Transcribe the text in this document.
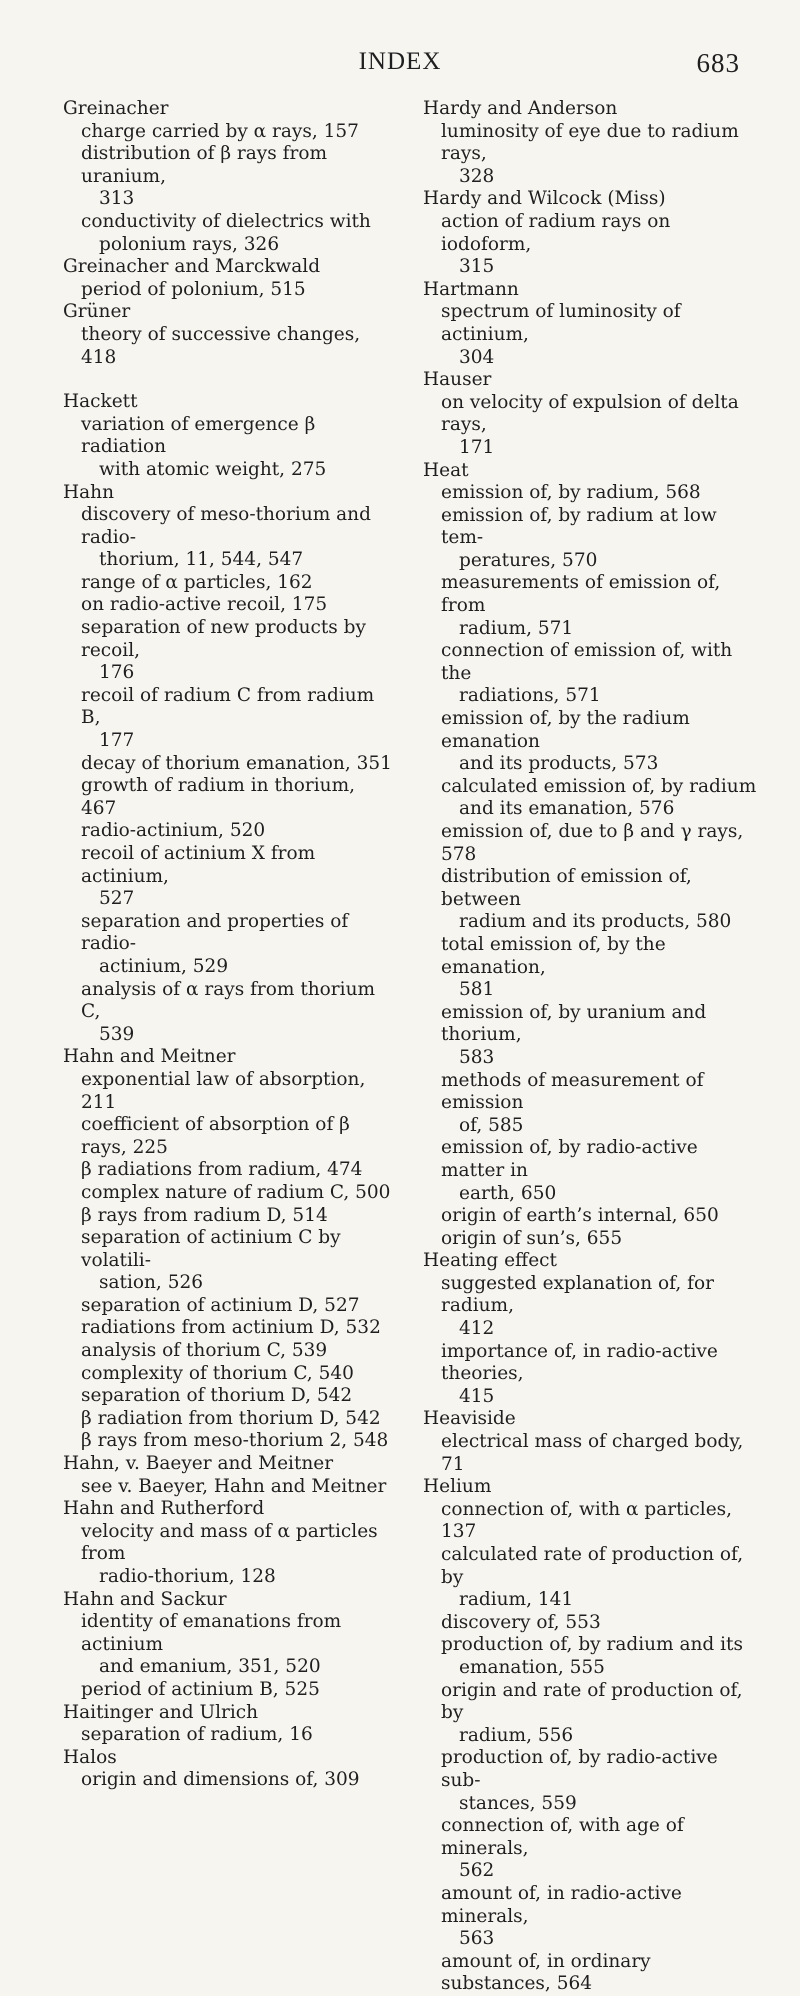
INDEX	683
Greinacher
charge carried by α rays, 157
distribution of β rays from uranium,
313
conductivity of dielectrics with
polonium rays, 326
Greinacher and Marckwald
period of polonium, 515
Grüner
theory of successive changes, 418
Hackett
variation of emergence β radiation
with atomic weight, 275
Hahn
discovery of meso-thorium and radio-
thorium, 11, 544, 547
range of α particles, 162
on radio-active recoil, 175
separation of new products by recoil,
176
recoil of radium C from radium B,
177
decay of thorium emanation, 351
growth of radium in thorium, 467
radio-actinium, 520
recoil of actinium X from actinium,
527
separation and properties of radio-
actinium, 529
analysis of α rays from thorium C,
539
Hahn and Meitner
exponential law of absorption, 211
coefficient of absorption of β rays, 225
β radiations from radium, 474
complex nature of radium C, 500
β rays from radium D, 514
separation of actinium C by volatili-
sation, 526
separation of actinium D, 527
radiations from actinium D, 532
analysis of thorium C, 539
complexity of thorium C, 540
separation of thorium D, 542
β radiation from thorium D, 542
β rays from meso-thorium 2, 548
Hahn, v. Baeyer and Meitner
see v. Baeyer, Hahn and Meitner
Hahn and Rutherford
velocity and mass of α particles from
radio-thorium, 128
Hahn and Sackur
identity of emanations from actinium
and emanium, 351, 520
period of actinium B, 525
Haitinger and Ulrich
separation of radium, 16
Halos
origin and dimensions of, 309
Hardy and Anderson
luminosity of eye due to radium rays,
328
Hardy and Wilcock (Miss)
action of radium rays on iodoform,
315
Hartmann
spectrum of luminosity of actinium,
304
Hauser
on velocity of expulsion of delta rays,
171
Heat
emission of, by radium, 568
emission of, by radium at low tem-
peratures, 570
measurements of emission of, from
radium, 571
connection of emission of, with the
radiations, 571
emission of, by the radium emanation
and its products, 573
calculated emission of, by radium
and its emanation, 576
emission of, due to β and γ rays, 578
distribution of emission of, between
radium and its products, 580
total emission of, by the emanation,
581
emission of, by uranium and thorium,
583
methods of measurement of emission
of, 585
emission of, by radio-active matter in
earth, 650
origin of earth’s internal, 650
origin of sun’s, 655
Heating effect
suggested explanation of, for radium,
412
importance of, in radio-active theories,
415
Heaviside
electrical mass of charged body, 71
Helium
connection of, with α particles, 137
calculated rate of production of, by
radium, 141
discovery of, 553
production of, by radium and its
emanation, 555
origin and rate of production of, by
radium, 556
production of, by radio-active sub-
stances, 559
connection of, with age of minerals,
562
amount of, in radio-active minerals,
563
amount of, in ordinary substances, 564
